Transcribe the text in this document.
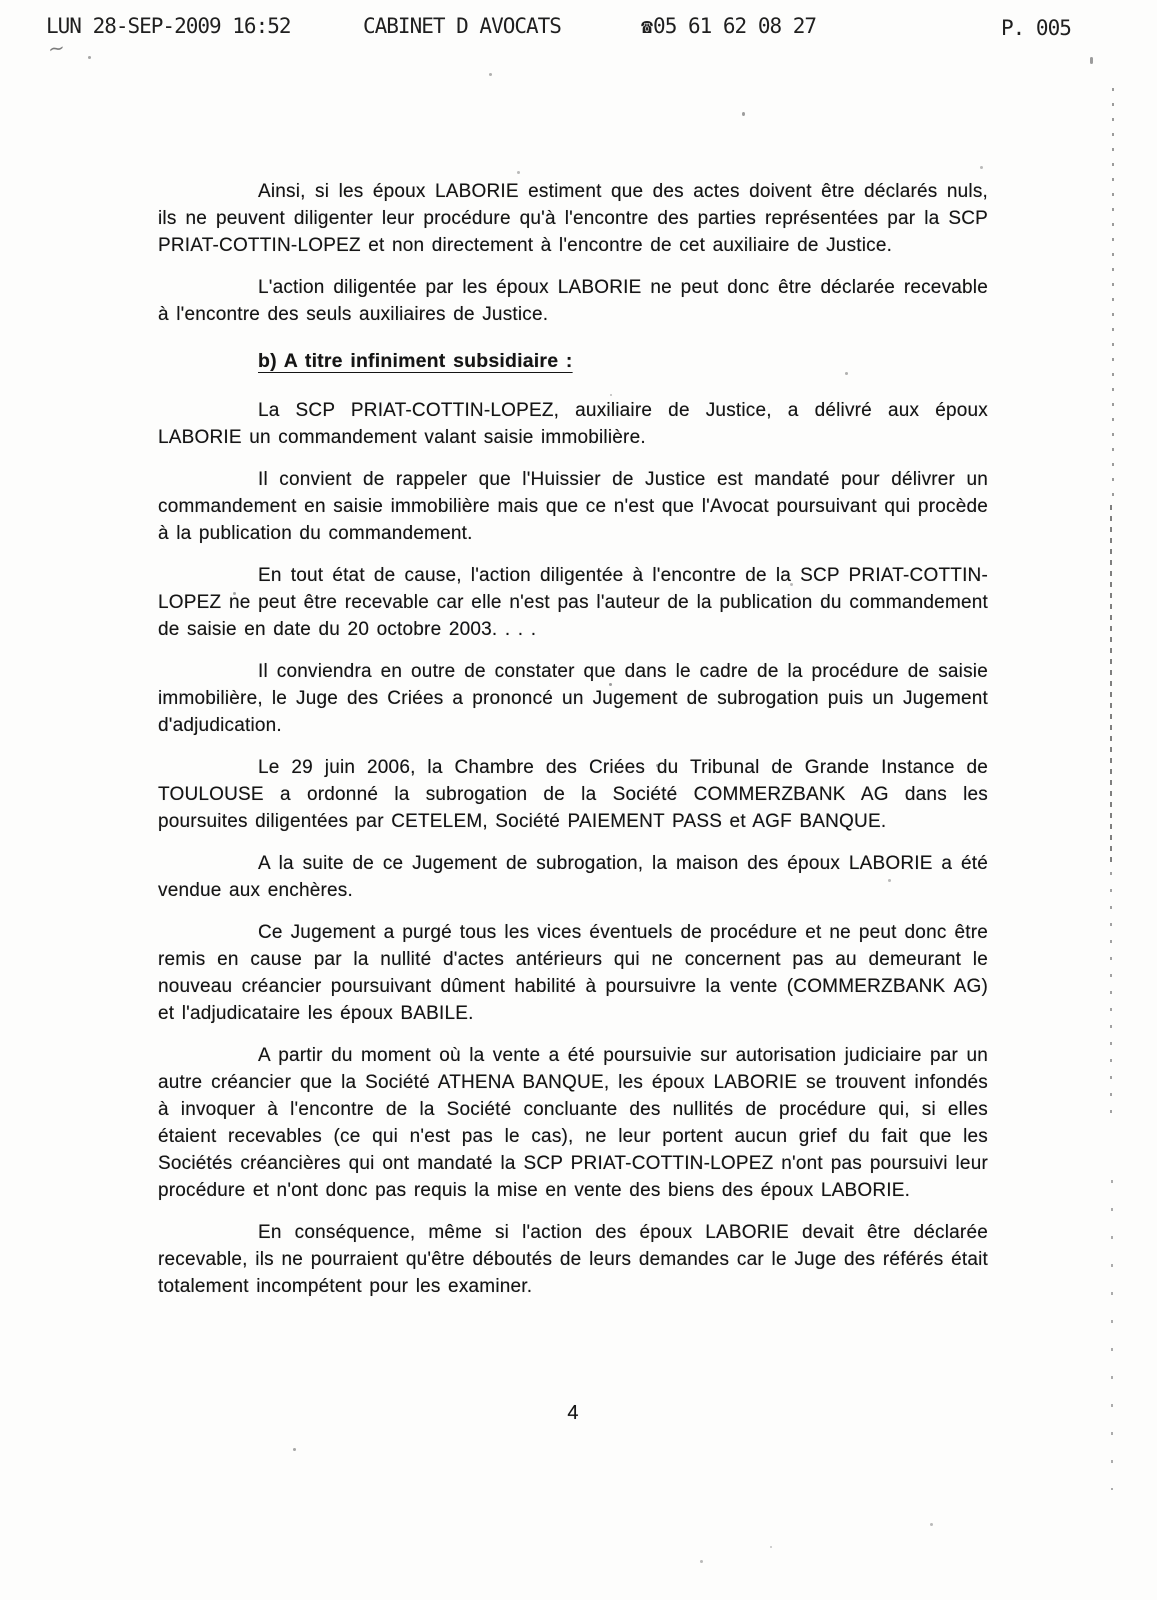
LUN 28-SEP-2009 16:52	CABINET D AVOCATS	☎ 05 61 62 08 27	P. 005

Ainsi, si les époux LABORIE estiment que des actes doivent être déclarés nuls, ils ne peuvent diligenter leur procédure qu'à l'encontre des parties représentées par la SCP PRIAT-COTTIN-LOPEZ et non directement à l'encontre de cet auxiliaire de Justice.

L'action diligentée par les époux LABORIE ne peut donc être déclarée recevable à l'encontre des seuls auxiliaires de Justice.

b) A titre infiniment subsidiaire :

La SCP PRIAT-COTTIN-LOPEZ, auxiliaire de Justice, a délivré aux époux LABORIE un commandement valant saisie immobilière.

Il convient de rappeler que l'Huissier de Justice est mandaté pour délivrer un commandement en saisie immobilière mais que ce n'est que l'Avocat poursuivant qui procède à la publication du commandement.

En tout état de cause, l'action diligentée à l'encontre de la SCP PRIAT-COTTIN-LOPEZ ne peut être recevable car elle n'est pas l'auteur de la publication du commandement de saisie en date du 20 octobre 2003. . . .

Il conviendra en outre de constater que dans le cadre de la procédure de saisie immobilière, le Juge des Criées a prononcé un Jugement de subrogation puis un Jugement d'adjudication.

Le 29 juin 2006, la Chambre des Criées du Tribunal de Grande Instance de TOULOUSE a ordonné la subrogation de la Société COMMERZBANK AG dans les poursuites diligentées par CETELEM, Société PAIEMENT PASS et AGF BANQUE.

A la suite de ce Jugement de subrogation, la maison des époux LABORIE a été vendue aux enchères.

Ce Jugement a purgé tous les vices éventuels de procédure et ne peut donc être remis en cause par la nullité d'actes antérieurs qui ne concernent pas au demeurant le nouveau créancier poursuivant dûment habilité à poursuivre la vente (COMMERZBANK AG) et l'adjudicataire les époux BABILE.

A partir du moment où la vente a été poursuivie sur autorisation judiciaire par un autre créancier que la Société ATHENA BANQUE, les époux LABORIE se trouvent infondés à invoquer à l'encontre de la Société concluante des nullités de procédure qui, si elles étaient recevables (ce qui n'est pas le cas), ne leur portent aucun grief du fait que les Sociétés créancières qui ont mandaté la SCP PRIAT-COTTIN-LOPEZ n'ont pas poursuivi leur procédure et n'ont donc pas requis la mise en vente des biens des époux LABORIE.

En conséquence, même si l'action des époux LABORIE devait être déclarée recevable, ils ne pourraient qu'être déboutés de leurs demandes car le Juge des référés était totalement incompétent pour les examiner.

4
~
